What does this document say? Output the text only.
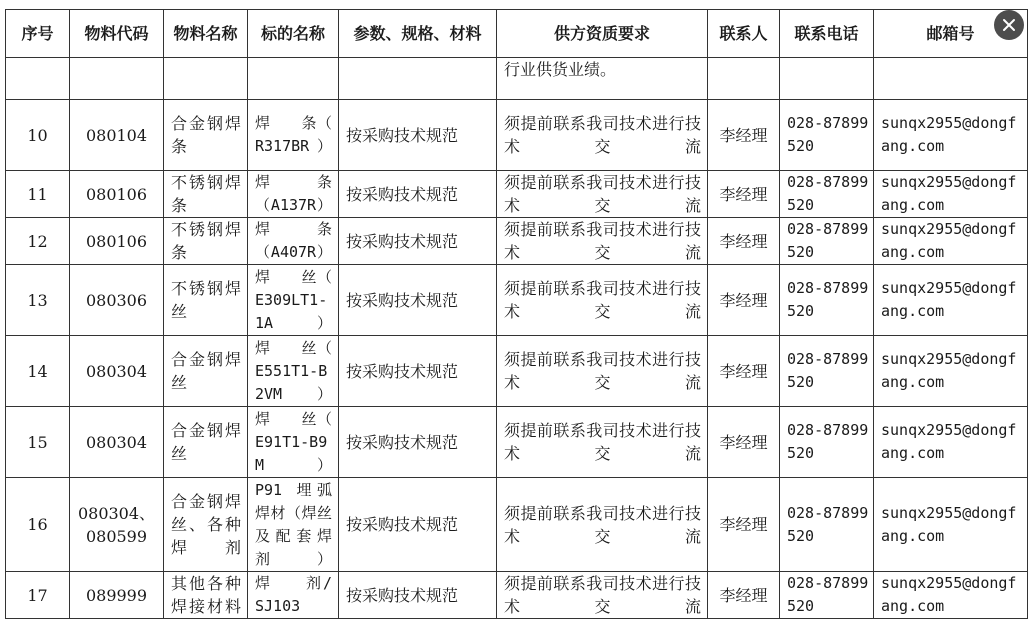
序号	物料代码	物料名称	标的名称	参数、规格、材料	供方资质要求	联系人	联系电话	邮箱号
					行业供货业绩。			
10	080104	合金钢焊条	焊　　条（ R317BR）	按采购技术规范	须提前联系我司技术进行技术交流	李经理	028-87899520	sunqx2955@dongfang.com
11	080106	不锈钢焊条	焊　　条（A137R）	按采购技术规范	须提前联系我司技术进行技术交流	李经理	028-87899520	sunqx2955@dongfang.com
12	080106	不锈钢焊条	焊　　条（A407R）	按采购技术规范	须提前联系我司技术进行技术交流	李经理	028-87899520	sunqx2955@dongfang.com
13	080306	不锈钢焊丝	焊　　丝（ E309LT1-1A）	按采购技术规范	须提前联系我司技术进行技术交流	李经理	028-87899520	sunqx2955@dongfang.com
14	080304	合金钢焊丝	焊　　丝（ E551T1-B2VM）	按采购技术规范	须提前联系我司技术进行技术交流	李经理	028-87899520	sunqx2955@dongfang.com
15	080304	合金钢焊丝	焊　　丝（ E91T1-B9M）	按采购技术规范	须提前联系我司技术进行技术交流	李经理	028-87899520	sunqx2955@dongfang.com
16	080304、080599	合金钢焊丝、各种焊剂	P91 埋弧焊材（焊丝及配套焊剂）	按采购技术规范	须提前联系我司技术进行技术交流	李经理	028-87899520	sunqx2955@dongfang.com
17	089999	其他各种焊接材料	焊　　剂/SJ103	按采购技术规范	须提前联系我司技术进行技术交流	李经理	028-87899520	sunqx2955@dongfang.com
